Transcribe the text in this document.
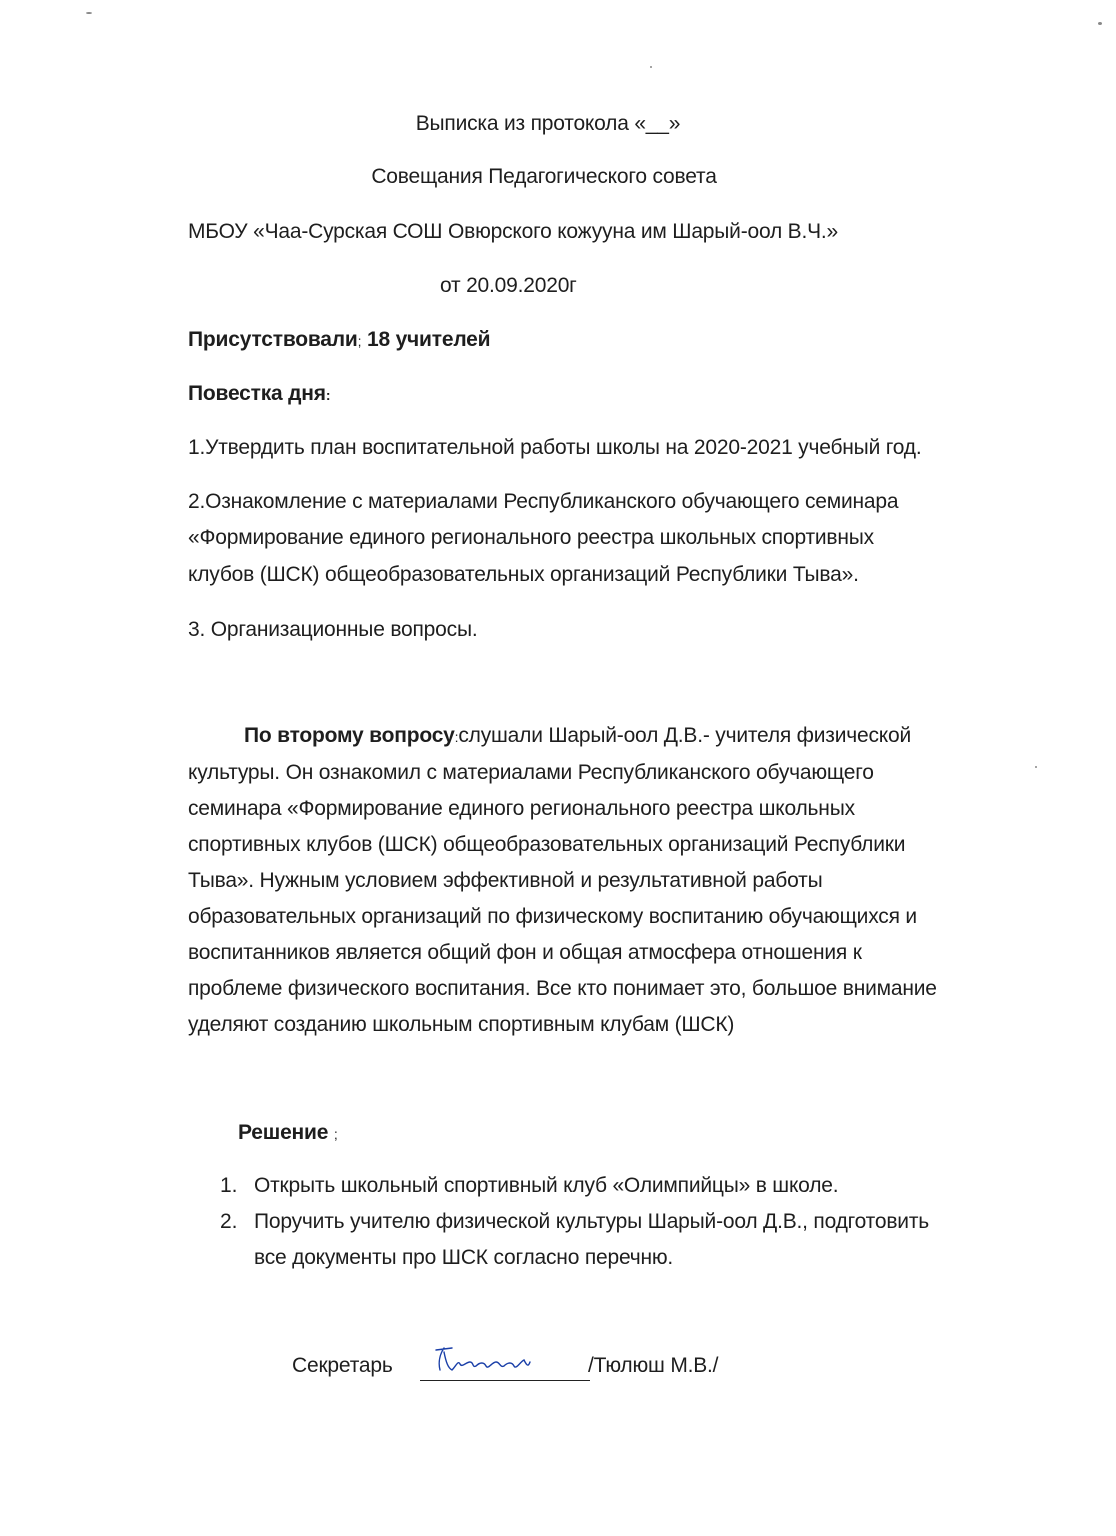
Выписка из протокола «__»
Совещания Педагогического совета
МБОУ «Чаа-Сурская СОШ Овюрского кожууна им Шарый-оол В.Ч.»
от 20.09.2020г
Присутствовали; 18 учителей
Повестка дня:
1.Утвердить план воспитательной работы школы на 2020-2021 учебный год.
2.Ознакомление с материалами Республиканского обучающего семинара
«Формирование единого регионального реестра школьных спортивных
клубов (ШСК) общеобразовательных организаций Республики Тыва».
3. Организационные вопросы.
По второму вопросу:слушали Шарый-оол Д.В.- учителя физической
культуры. Он ознакомил с материалами Республиканского обучающего
семинара «Формирование единого регионального реестра школьных
спортивных клубов (ШСК) общеобразовательных организаций Республики
Тыва». Нужным условием эффективной и результативной работы
образовательных организаций по физическому воспитанию обучающихся и
воспитанников является общий фон и общая атмосфера отношения к
проблеме физического воспитания. Все кто понимает это, большое внимание
уделяют созданию школьным спортивным клубам (ШСК)
Решение ;
1. Открыть школьный спортивный клуб «Олимпийцы» в школе.
2. Поручить учителю физической культуры Шарый-оол Д.В., подготовить
все документы про ШСК согласно перечню.
Секретарь	/Тюлюш М.В./
